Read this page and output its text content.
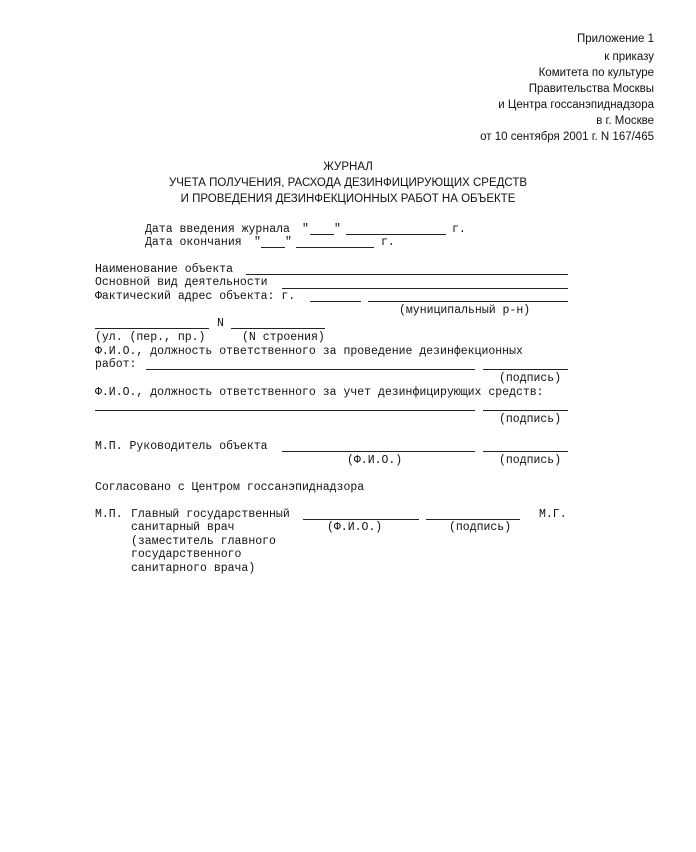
Приложение 1
к приказу
Комитета по культуре
Правительства Москвы
и Центра госсанэпиднадзора
в г. Москве
от 10 сентября 2001 г. N 167/465
ЖУРНАЛ
УЧЕТА ПОЛУЧЕНИЯ, РАСХОДА ДЕЗИНФИЦИРУЮЩИХ СРЕДСТВ
И ПРОВЕДЕНИЯ ДЕЗИНФЕКЦИОННЫХ РАБОТ НА ОБЪЕКТЕ
Дата введения журнала " "	г.
Дата окончания " "	г.
Наименование объекта
Основной вид деятельности
Фактический адрес объекта: г.
(муниципальный р-н)
N
(ул. (пер., пр.)	(N строения)
Ф.И.О., должность ответственного за проведение дезинфекционных
работ:
(подпись)
Ф.И.О., должность ответственного за учет дезинфицирующих средств:
(подпись)
М.П. Руководитель объекта
(Ф.И.О.)	(подпись)
Согласовано с Центром госсанэпиднадзора
М.П. Главный государственный	М.Г.
санитарный врач	(Ф.И.О.)	(подпись)
(заместитель главного
государственного
санитарного врача)
